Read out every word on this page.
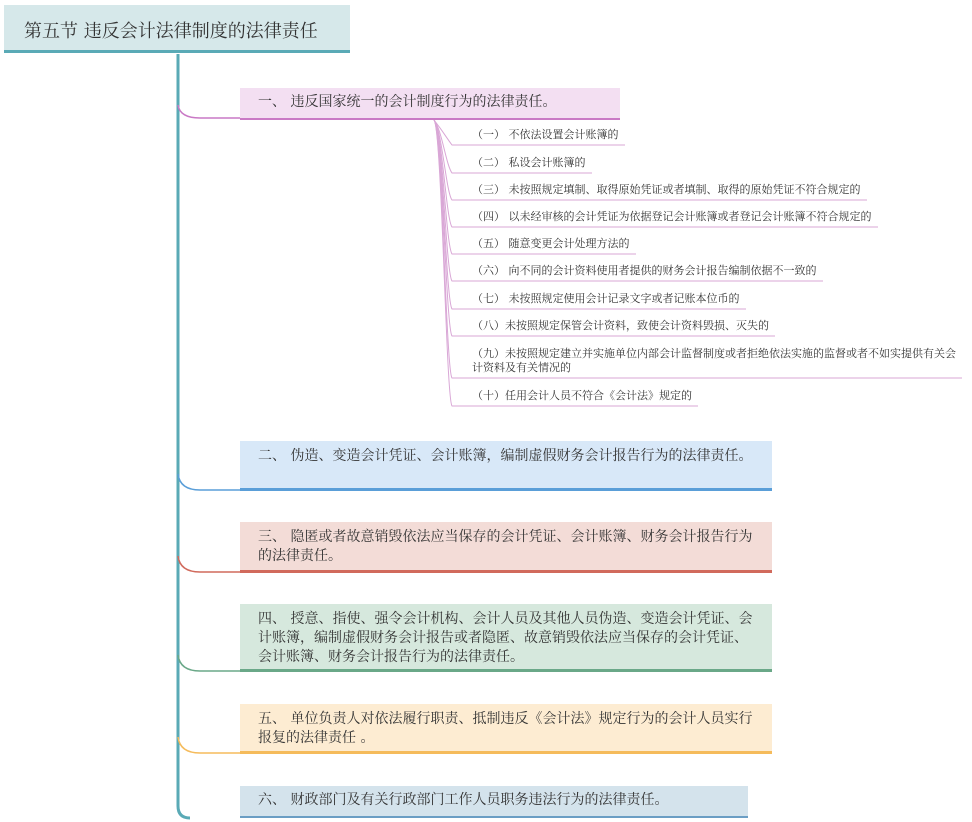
第五节 违反会计法律制度的法律责任
一、 违反国家统一的会计制度行为的法律责任。
（一） 不依法设置会计账簿的
（二） 私设会计账簿的
（三） 未按照规定填制、取得原始凭证或者填制、取得的原始凭证不符合规定的
（四） 以未经审核的会计凭证为依据登记会计账簿或者登记会计账簿不符合规定的
（五） 随意变更会计处理方法的
（六） 向不同的会计资料使用者提供的财务会计报告编制依据不一致的
（七） 未按照规定使用会计记录文字或者记账本位币的
（八）未按照规定保管会计资料，致使会计资料毁损、灭失的
（九）未按照规定建立并实施单位内部会计监督制度或者拒绝依法实施的监督或者不如实提供有关会计资料及有关情况的
（十）任用会计人员不符合《会计法》规定的
二、 伪造、变造会计凭证、会计账簿，编制虚假财务会计报告行为的法律责任。
三、 隐匿或者故意销毁依法应当保存的会计凭证、会计账簿、财务会计报告行为的法律责任。
四、 授意、指使、强令会计机构、会计人员及其他人员伪造、变造会计凭证、会计账簿，编制虚假财务会计报告或者隐匿、故意销毁依法应当保存的会计凭证、会计账簿、财务会计报告行为的法律责任。
五、 单位负责人对依法履行职责、抵制违反《会计法》规定行为的会计人员实行报复的法律责任 。
六、 财政部门及有关行政部门工作人员职务违法行为的法律责任。
